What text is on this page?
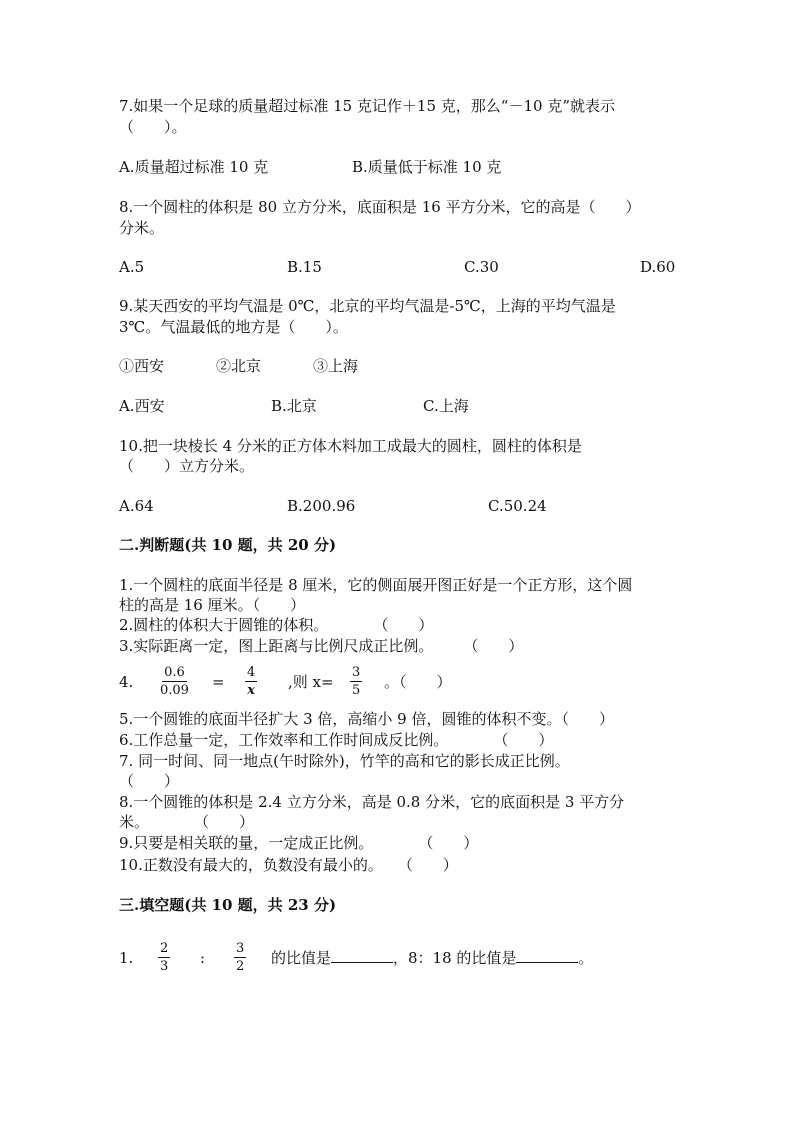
7.如果一个足球的质量超过标准 15 克记作＋15 克，那么“－10 克”就表示
（　　）。
A.质量超过标准 10 克	B.质量低于标准 10 克
8.一个圆柱的体积是 80 立方分米，底面积是 16 平方分米，它的高是（　　）
分米。
A.5	B.15	C.30	D.60
9.某天西安的平均气温是 0℃，北京的平均气温是-5℃，上海的平均气温是
3℃。气温最低的地方是（　　）。
①西安	②北京	③上海
A.西安	B.北京	C.上海
10.把一块棱长 4 分米的正方体木料加工成最大的圆柱，圆柱的体积是
（　　）立方分米。
A.64	B.200.96	C.50.24
二.判断题(共 10 题，共 20 分)
1.一个圆柱的底面半径是 8 厘米，它的侧面展开图正好是一个正方形，这个圆
柱的高是 16 厘米。（　　）
2.圆柱的体积大于圆锥的体积。　　　　（　　）
3.实际距离一定，图上距离与比例尺成正比例。　　　（　　）
4. $\frac{0.6}{0.09} = \frac{4}{x}$ ,则 $x= \frac{3}{5}$ 。（　　）
5.一个圆锥的底面半径扩大 3 倍，高缩小 9 倍，圆锥的体积不变。（　　）
6.工作总量一定，工作效率和工作时间成反比例。　　　　（　　）
7. 同一时间、同一地点(午时除外)，竹竿的高和它的影长成正比例。
（　　）
8.一个圆锥的体积是 2.4 立方分米，高是 0.8 分米，它的底面积是 3 平方分
米。　　　　（　　）
9.只要是相关联的量，一定成正比例。　　　　（　　）
10.正数没有最大的，负数没有最小的。　　（　　）
三.填空题(共 10 题，共 23 分)
1. $\frac{2}{3}$ : $\frac{3}{2}$ 的比值是	，8：18 的比值是	。
